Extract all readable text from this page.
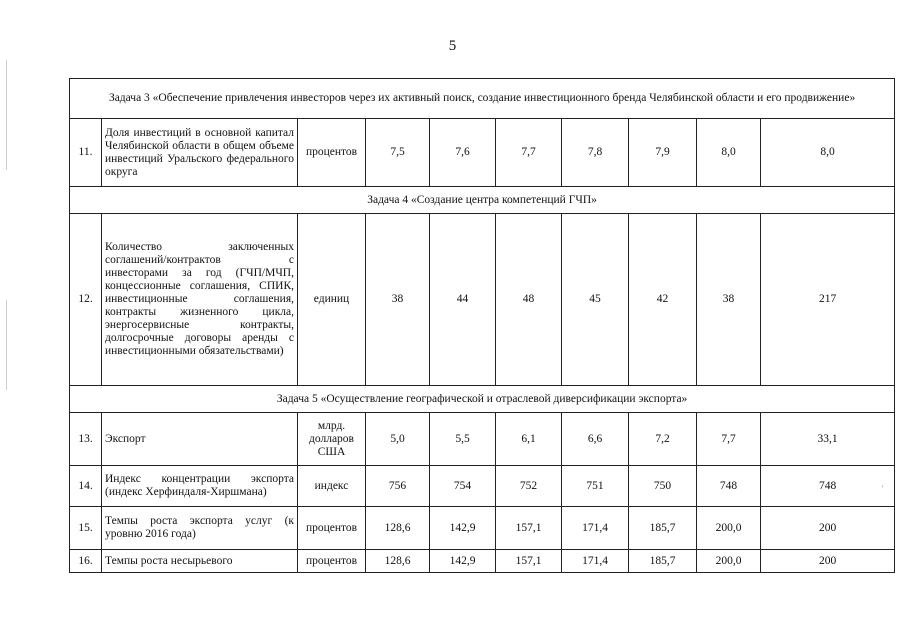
'
5
Задача 3 «Обеспечение привлечения инвесторов через их активный поиск, создание инвестиционного бренда Челябинской области и его продвижение»									
11.	Доля инвестиций в основной капитал Челябинской области в общем объеме инвестиций Уральского федерального округа	процентов	7,5	7,6	7,7	7,8	7,9	8,0	8,0
Задача 4 «Создание центра компетенций ГЧП»									
12.	Количество заключенных соглашений/контрактов с инвесторами за год (ГЧП/МЧП, концессионные соглашения, СПИК, инвестиционные соглашения, контракты жизненного цикла, энергосервисные контракты, долгосрочные договоры аренды с инвестиционными обязательствами)	единиц	38	44	48	45	42	38	217
Задача 5 «Осуществление географической и отраслевой диверсификации экспорта»									
13.	Экспорт	млрд. долларов США	5,0	5,5	6,1	6,6	7,2	7,7	33,1
14.	Индекс концентрации экспорта (индекс Херфиндаля-Хиршмана)	индекс	756	754	752	751	750	748	748
15.	Темпы роста экспорта услуг (к уровню 2016 года)	процентов	128,6	142,9	157,1	171,4	185,7	200,0	200
16.	Темпы роста несырьевого	процентов	128,6	142,9	157,1	171,4	185,7	200,0	200
